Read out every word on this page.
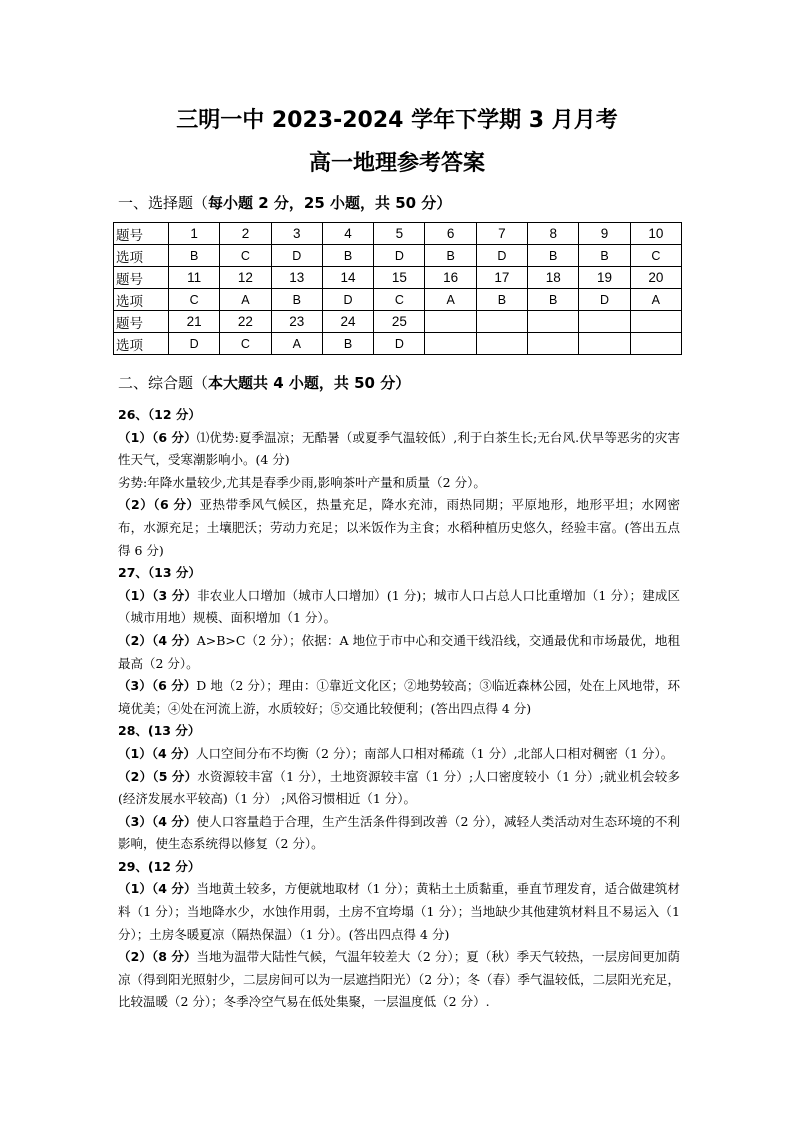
三明一中 2023-2024 学年下学期 3 月月考
高一地理参考答案
一、选择题（每小题 2 分，25 小题，共 50 分）
题号	1	2	3	4	5	6	7	8	9	10
选项	B	C	D	B	D	B	D	B	B	C
题号	11	12	13	14	15	16	17	18	19	20
选项	C	A	B	D	C	A	B	B	D	A
题号	21	22	23	24	25					
选项	D	C	A	B	D					
二、综合题（本大题共 4 小题，共 50 分）

26、（12 分）

（1）（6 分）⑴优势:夏季温凉；无酷暑（或夏季气温较低）,利于白茶生长;无台风.伏旱等恶劣的灾害性天气，受寒潮影响小。(4 分)

劣势:年降水量较少,尤其是春季少雨,影响茶叶产量和质量（2 分）。

（2）（6 分）亚热带季风气候区，热量充足，降水充沛，雨热同期；平原地形，地形平坦；水网密布，水源充足；土壤肥沃；劳动力充足；以米饭作为主食；水稻种植历史悠久，经验丰富。(答出五点得 6 分)

27、（13 分）

（1）（3 分）非农业人口增加（城市人口增加）(1 分)；城市人口占总人口比重增加（1 分）；建成区（城市用地）规模、面积增加（1 分）。

（2）（4 分）A>B>C（2 分）；依据：A 地位于市中心和交通干线沿线，交通最优和市场最优，地租最高（2 分）。

（3）（6 分）D 地（2 分）；理由：①靠近文化区；②地势较高；③临近森林公园，处在上风地带，环境优美；④处在河流上游，水质较好；⑤交通比较便利；(答出四点得 4 分)

28、(13 分）

（1）（4 分）人口空间分布不均衡（2 分）；南部人口相对稀疏（1 分）,北部人口相对稠密（1 分）。

（2）（5 分）水资源较丰富（1 分），土地资源较丰富（1 分）;人口密度较小（1 分）;就业机会较多(经济发展水平较高)（1 分） ;风俗习惯相近（1 分）。

（3）（4 分）使人口容量趋于合理，生产生活条件得到改善（2 分），减轻人类活动对生态环境的不利影响，使生态系统得以修复（2 分）。

29、(12 分）

（1）（4 分）当地黄土较多，方便就地取材（1 分）；黄粘土土质黏重，垂直节理发育，适合做建筑材料（1 分）；当地降水少，水蚀作用弱，土房不宜垮塌（1 分）；当地缺少其他建筑材料且不易运入（1 分）；土房冬暖夏凉（隔热保温）（1 分）。(答出四点得 4 分)

（2）（8 分）当地为温带大陆性气候，气温年较差大（2 分）；夏（秋）季天气较热，一层房间更加荫凉（得到阳光照射少，二层房间可以为一层遮挡阳光）（2 分）；冬（春）季气温较低，二层阳光充足，比较温暖（2 分）；冬季冷空气易在低处集聚，一层温度低（2 分）.
